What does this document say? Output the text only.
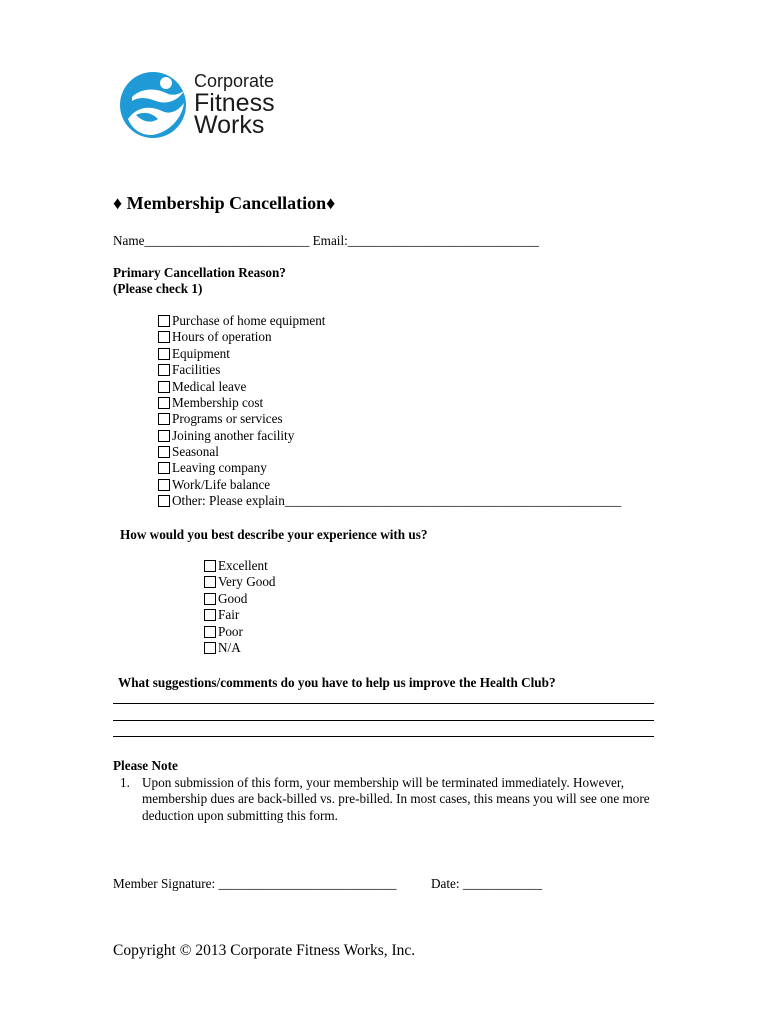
Corporate
Fitness
Works
♦ Membership Cancellation♦
Name_________________________ Email:_____________________________
Primary Cancellation Reason?
(Please check 1)
Purchase of home equipment
Hours of operation
Equipment
Facilities
Medical leave
Membership cost
Programs or services
Joining another facility
Seasonal
Leaving company
Work/Life balance
Other: Please explain___________________________________________________
How would you best describe your experience with us?
Excellent
Very Good
Good
Fair
Poor
N/A
What suggestions/comments do you have to help us improve the Health Club?
Please Note
1. Upon submission of this form, your membership will be terminated immediately. However, membership dues are back-billed vs. pre-billed. In most cases, this means you will see one more deduction upon submitting this form.
Member Signature: ___________________________	Date: ____________
Copyright © 2013 Corporate Fitness Works, Inc.
